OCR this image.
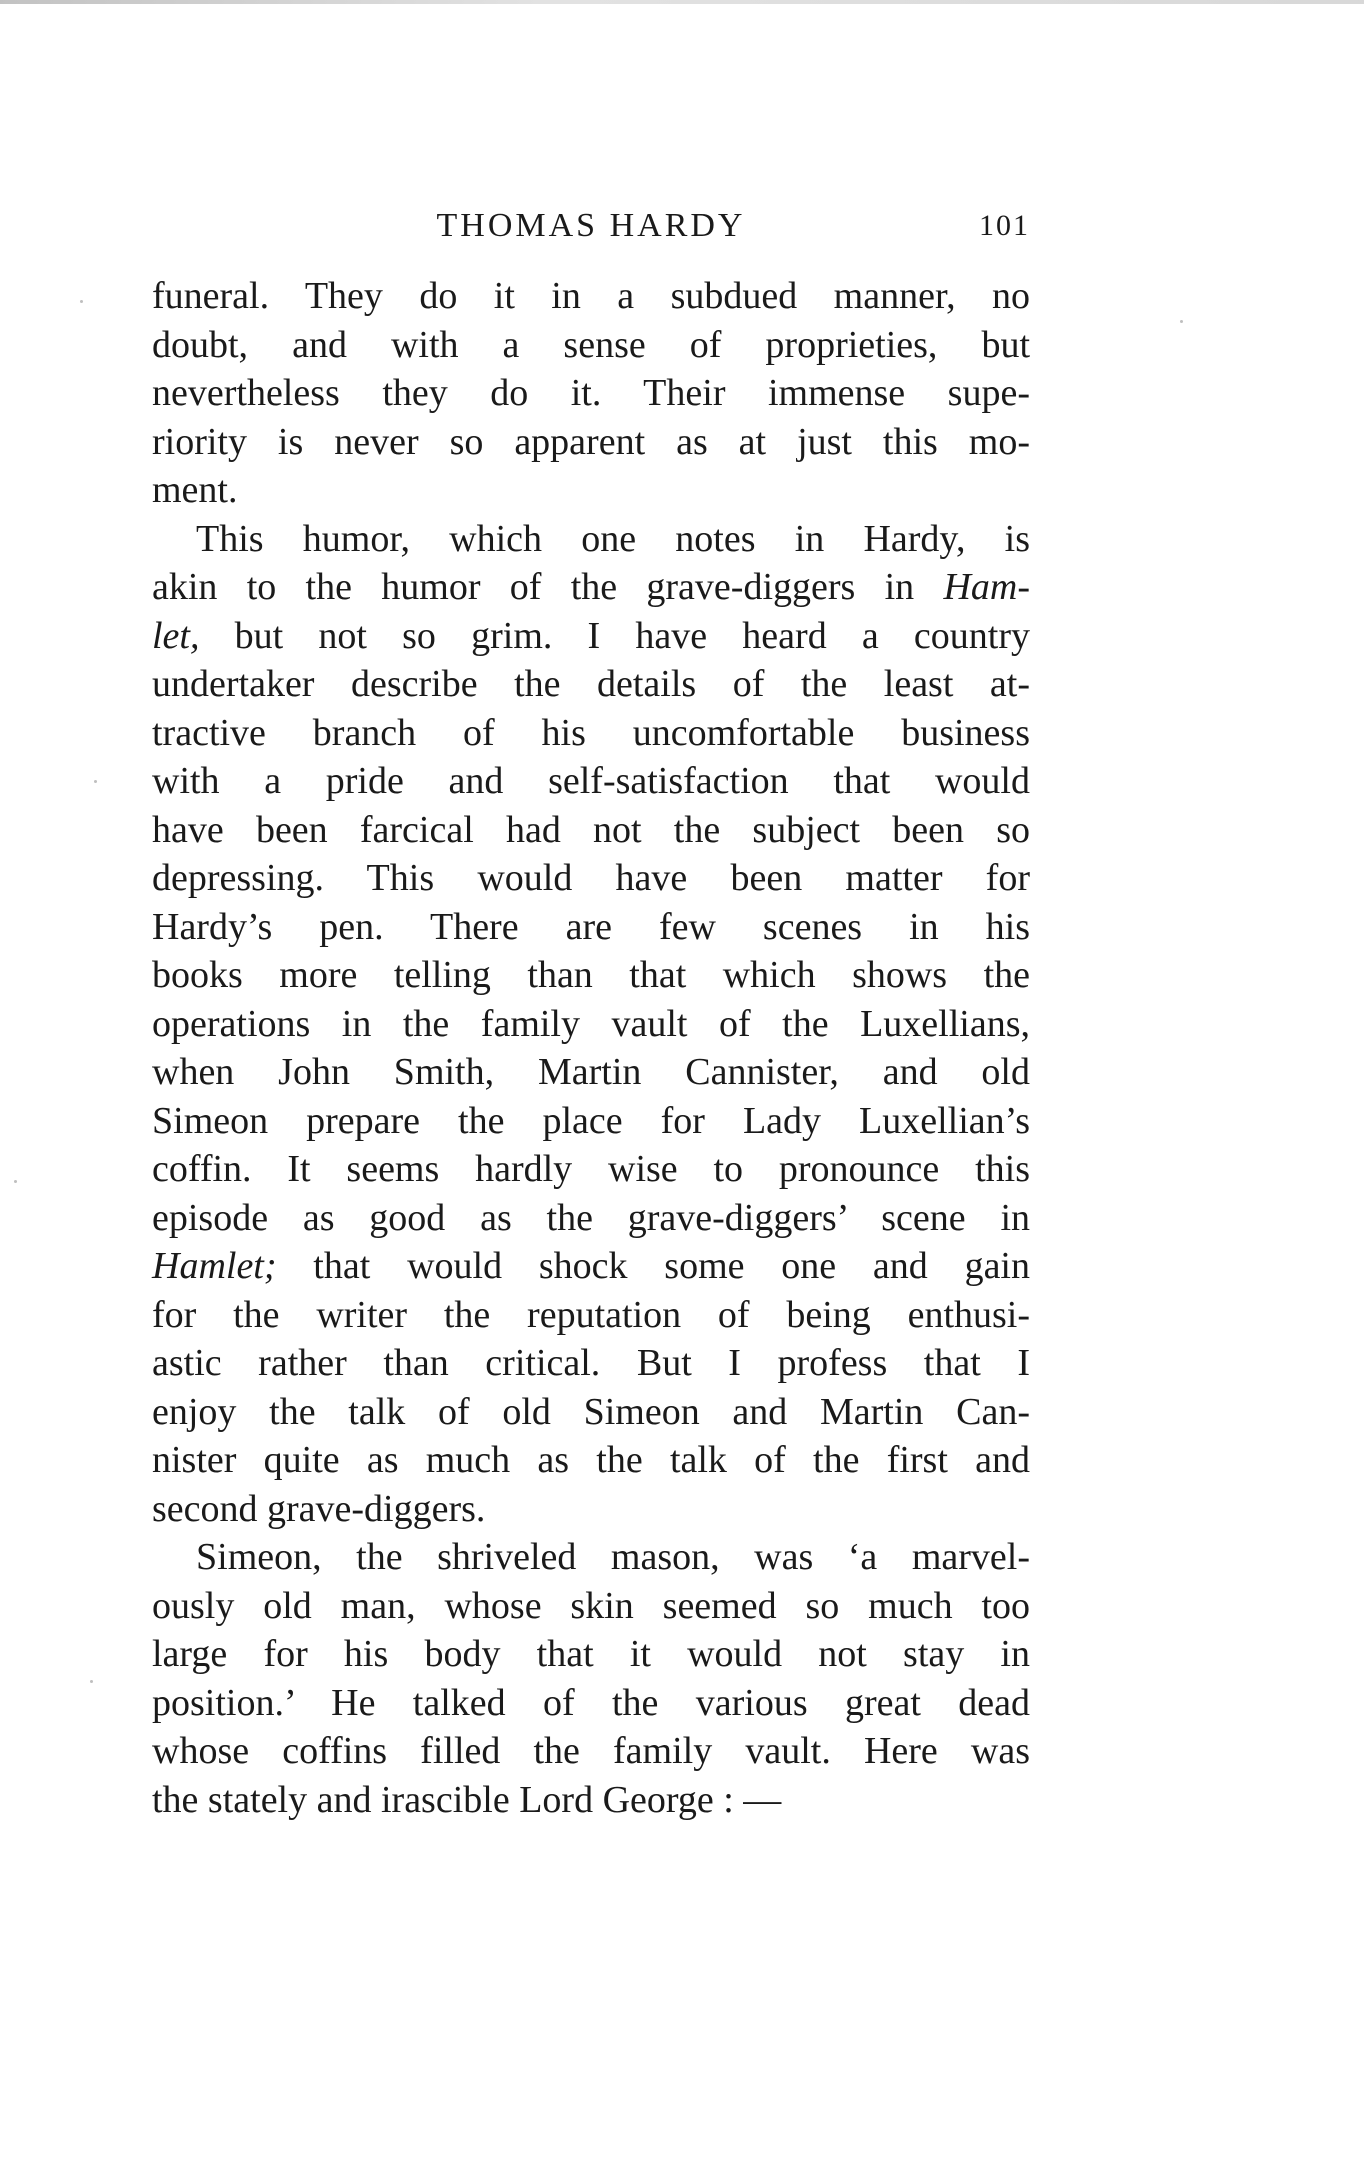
THOMAS HARDY	101
funeral. They do it in a subdued manner, no
doubt, and with a sense of proprieties, but
nevertheless they do it. Their immense supe-
riority is never so apparent as at just this mo-
ment.
This humor, which one notes in Hardy, is
akin to the humor of the grave-diggers in Ham-
let, but not so grim. I have heard a country
undertaker describe the details of the least at-
tractive branch of his uncomfortable business
with a pride and self-satisfaction that would
have been farcical had not the subject been so
depressing. This would have been matter for
Hardy’s pen. There are few scenes in his
books more telling than that which shows the
operations in the family vault of the Luxellians,
when John Smith, Martin Cannister, and old
Simeon prepare the place for Lady Luxellian’s
coffin. It seems hardly wise to pronounce this
episode as good as the grave-diggers’ scene in
Hamlet; that would shock some one and gain
for the writer the reputation of being enthusi-
astic rather than critical. But I profess that I
enjoy the talk of old Simeon and Martin Can-
nister quite as much as the talk of the first and
second grave-diggers.
Simeon, the shriveled mason, was ‘a marvel-
ously old man, whose skin seemed so much too
large for his body that it would not stay in
position.’ He talked of the various great dead
whose coffins filled the family vault. Here was
the stately and irascible Lord George : —
